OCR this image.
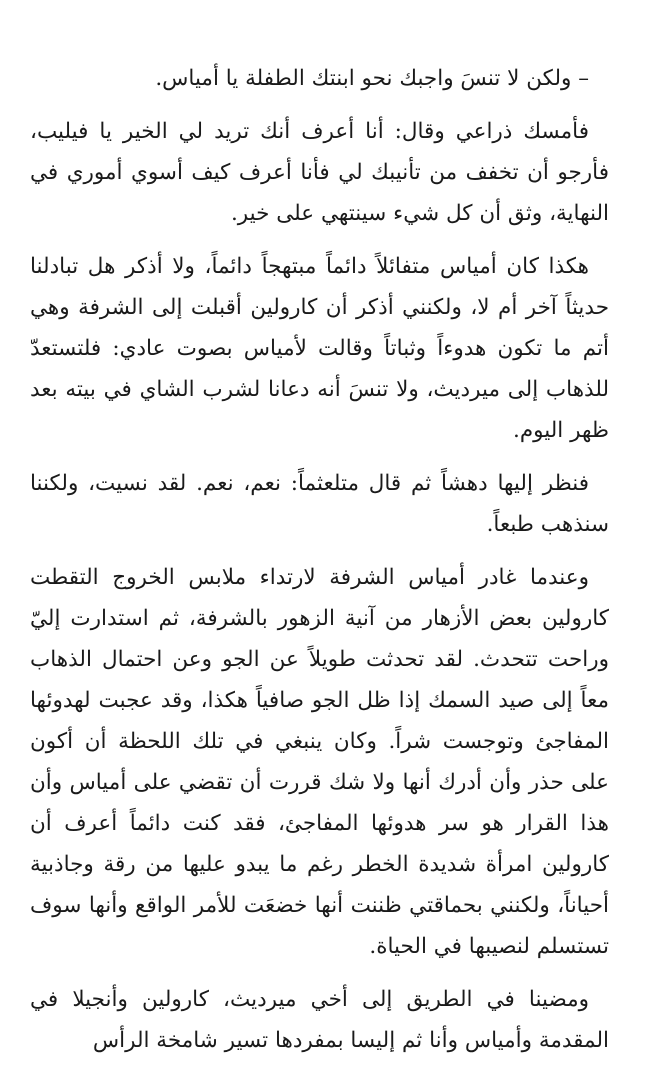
– ولكن لا تنسَ واجبك نحو ابنتك الطفلة يا أمياس.

فأمسك ذراعي وقال: أنا أعرف أنك تريد لي الخير يا فيليب، فأرجو أن تخفف من تأنيبك لي فأنا أعرف كيف أسوي أموري في النهاية، وثق أن كل شيء سينتهي على خير.

هكذا كان أمياس متفائلاً دائماً مبتهجاً دائماً، ولا أذكر هل تبادلنا حديثاً آخر أم لا، ولكنني أذكر أن كارولين أقبلت إلى الشرفة وهي أتم ما تكون هدوءاً وثباتاً وقالت لأمياس بصوت عادي: فلتستعدّ للذهاب إلى ميرديث، ولا تنسَ أنه دعانا لشرب الشاي في بيته بعد ظهر اليوم.

فنظر إليها دهشاً ثم قال متلعثماً: نعم، نعم. لقد نسيت، ولكننا سنذهب طبعاً.

وعندما غادر أمياس الشرفة لارتداء ملابس الخروج التقطت كارولين بعض الأزهار من آنية الزهور بالشرفة، ثم استدارت إليّ وراحت تتحدث. لقد تحدثت طويلاً عن الجو وعن احتمال الذهاب معاً إلى صيد السمك إذا ظل الجو صافياً هكذا، وقد عجبت لهدوئها المفاجئ وتوجست شراً. وكان ينبغي في تلك اللحظة أن أكون على حذر وأن أدرك أنها ولا شك قررت أن تقضي على أمياس وأن هذا القرار هو سر هدوئها المفاجئ، فقد كنت دائماً أعرف أن كارولين امرأة شديدة الخطر رغم ما يبدو عليها من رقة وجاذبية أحياناً، ولكنني بحماقتي ظننت أنها خضعَت للأمر الواقع وأنها سوف تستسلم لنصيبها في الحياة.

ومضينا في الطريق إلى أخي ميرديث، كارولين وأنجيلا في المقدمة وأمياس وأنا ثم إليسا بمفردها تسير شامخة الرأس
